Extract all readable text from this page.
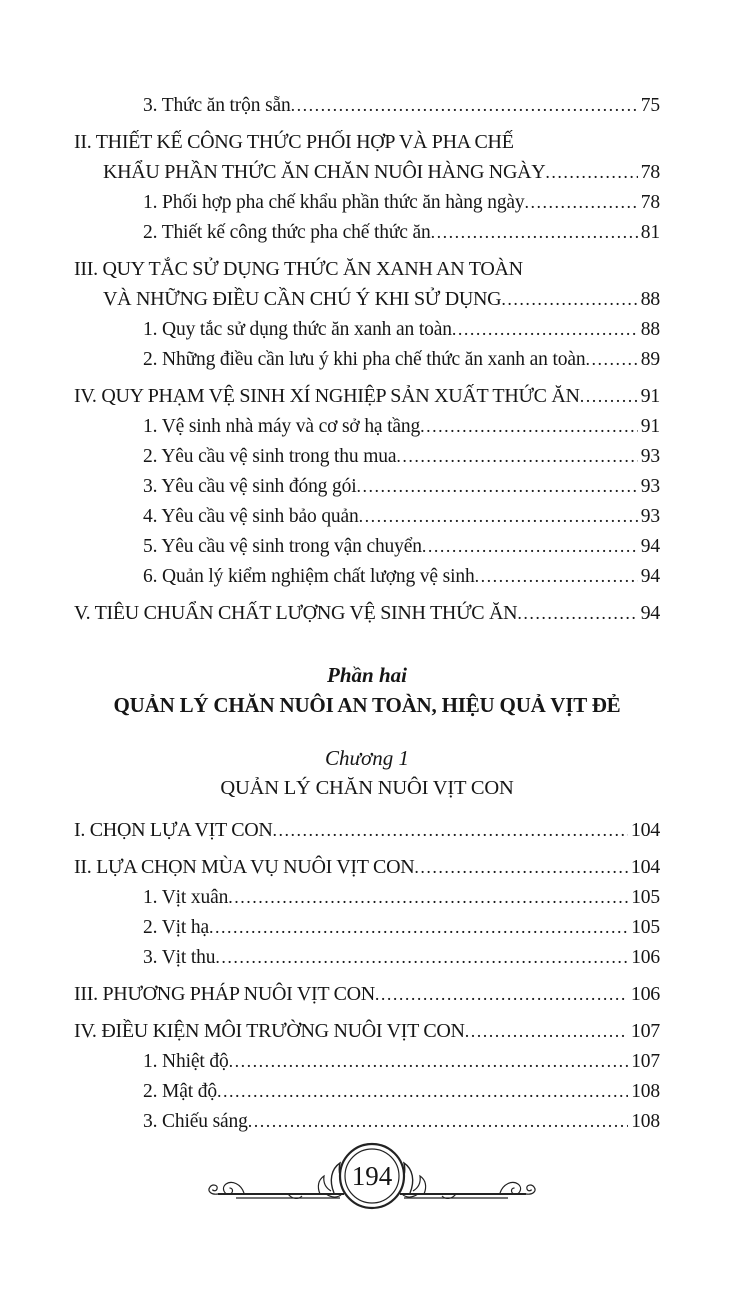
3. Thức ăn trộn sẵn .....	75
II. THIẾT KẾ CÔNG THỨC PHỐI HỢP VÀ PHA CHẾ
KHẨU PHẦN THỨC ĂN CHĂN NUÔI HÀNG NGÀY .....	78
1. Phối hợp pha chế khẩu phần thức ăn hàng ngày .....	78
2. Thiết kế công thức pha chế thức ăn .....	81
III. QUY TẮC SỬ DỤNG THỨC ĂN XANH AN TOÀN
VÀ NHỮNG ĐIỀU CẦN CHÚ Ý KHI SỬ DỤNG .....	88
1. Quy tắc sử dụng thức ăn xanh an toàn .....	88
2. Những điều cần lưu ý khi pha chế thức ăn xanh an toàn .....	89
IV. QUY PHẠM VỆ SINH XÍ NGHIỆP SẢN XUẤT THỨC ĂN .....	91
1. Vệ sinh nhà máy và cơ sở hạ tầng .....	91
2. Yêu cầu vệ sinh trong thu mua .....	93
3. Yêu cầu vệ sinh đóng gói .....	93
4. Yêu cầu vệ sinh bảo quản .....	93
5. Yêu cầu vệ sinh trong vận chuyển .....	94
6. Quản lý kiểm nghiệm chất lượng vệ sinh .....	94
V. TIÊU CHUẨN CHẤT LƯỢNG VỆ SINH THỨC ĂN .....	94
Phần hai
QUẢN LÝ CHĂN NUÔI AN TOÀN, HIỆU QUẢ VỊT ĐẺ
Chương 1
QUẢN LÝ CHĂN NUÔI VỊT CON
I. CHỌN LỰA VỊT CON .....	104
II. LỰA CHỌN MÙA VỤ NUÔI VỊT CON .....	104
1. Vịt xuân .....	105
2. Vịt hạ .....	105
3. Vịt thu .....	106
III. PHƯƠNG PHÁP NUÔI VỊT CON .....	106
IV. ĐIỀU KIỆN MÔI TRƯỜNG NUÔI VỊT CON .....	107
1. Nhiệt độ .....	107
2. Mật độ .....	108
3. Chiếu sáng .....	108
194
